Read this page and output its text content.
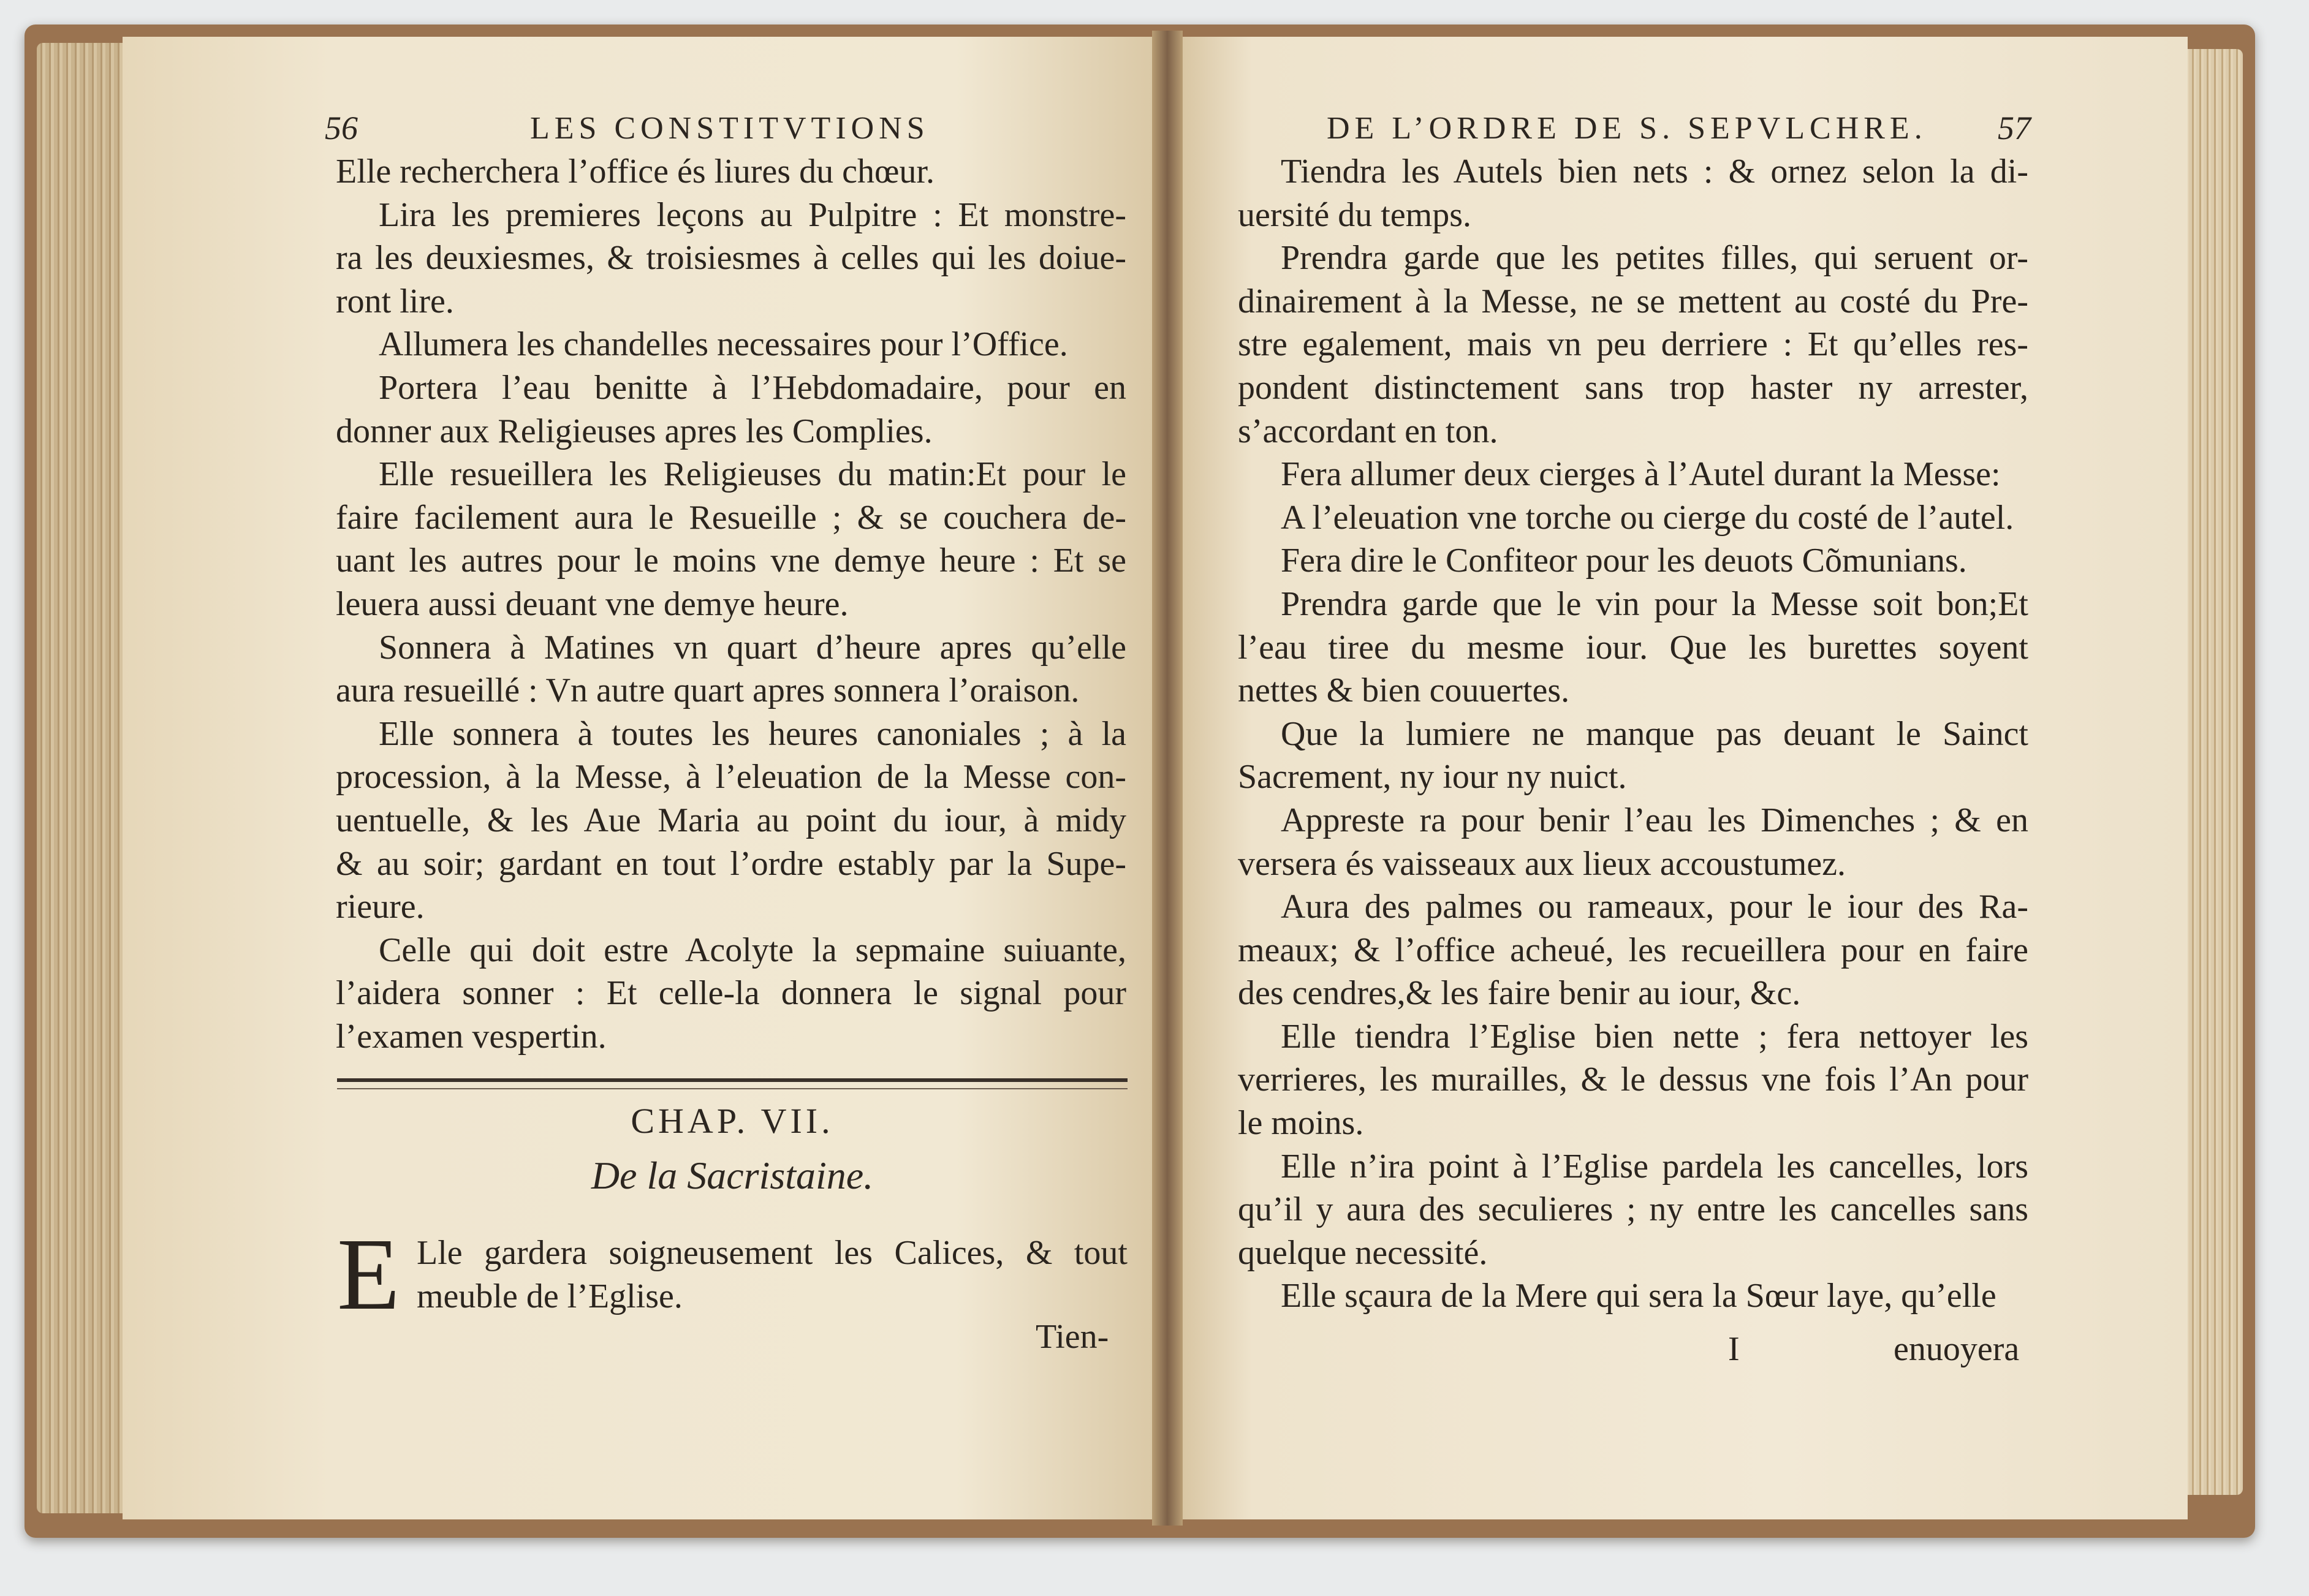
56	LES CONSTITVTIONS
Elle recherchera l’office és liures du chœur.
Lira les premieres leçons au Pulpitre : Et monstre-
ra les deuxiesmes, & troisiesmes à celles qui les doiue-
ront lire.
Allumera les chandelles necessaires pour l’Office.
Portera l’eau benitte à l’Hebdomadaire, pour en
donner aux Religieuses apres les Complies.
Elle resueillera les Religieuses du matin:Et pour le
faire facilement aura le Resueille ; & se couchera de-
uant les autres pour le moins vne demye heure : Et se
leuera aussi deuant vne demye heure.
Sonnera à Matines vn quart d’heure apres qu’elle
aura resueillé : Vn autre quart apres sonnera l’oraison.
Elle sonnera à toutes les heures canoniales ; à la
procession, à la Messe, à l’eleuation de la Messe con-
uentuelle, & les Aue Maria au point du iour, à midy
& au soir; gardant en tout l’ordre estably par la Supe-
rieure.
Celle qui doit estre Acolyte la sepmaine suiuante,
l’aidera sonner : Et celle-la donnera le signal pour
l’examen vespertin.
CHAP. VII.
De la Sacristaine.
E Lle gardera soigneusement les Calices, & tout
meuble de l’Eglise.
Tien-
DE L’ORDRE DE S. SEPVLCHRE. 57
Tiendra les Autels bien nets : & ornez selon la di-
uersité du temps.
Prendra garde que les petites filles, qui seruent or-
dinairement à la Messe, ne se mettent au costé du Pre-
stre egalement, mais vn peu derriere : Et qu’elles res-
pondent distinctement sans trop haster ny arrester,
s’accordant en ton.
Fera allumer deux cierges à l’Autel durant la Messe:
A l’eleuation vne torche ou cierge du costé de l’autel.
Fera dire le Confiteor pour les deuots Cõmunians.
Prendra garde que le vin pour la Messe soit bon;Et
l’eau tiree du mesme iour. Que les burettes soyent
nettes & bien couuertes.
Que la lumiere ne manque pas deuant le Sainct
Sacrement, ny iour ny nuict.
Appreste ra pour benir l’eau les Dimenches ; & en
versera és vaisseaux aux lieux accoustumez.
Aura des palmes ou rameaux, pour le iour des Ra-
meaux; & l’office acheué, les recueillera pour en faire
des cendres,& les faire benir au iour, &c.
Elle tiendra l’Eglise bien nette ; fera nettoyer les
verrieres, les murailles, & le dessus vne fois l’An pour
le moins.
Elle n’ira point à l’Eglise pardela les cancelles, lors
qu’il y aura des seculieres ; ny entre les cancelles sans
quelque necessité.
Elle sçaura de la Mere qui sera la Sœur laye, qu’elle
I	enuoyera
